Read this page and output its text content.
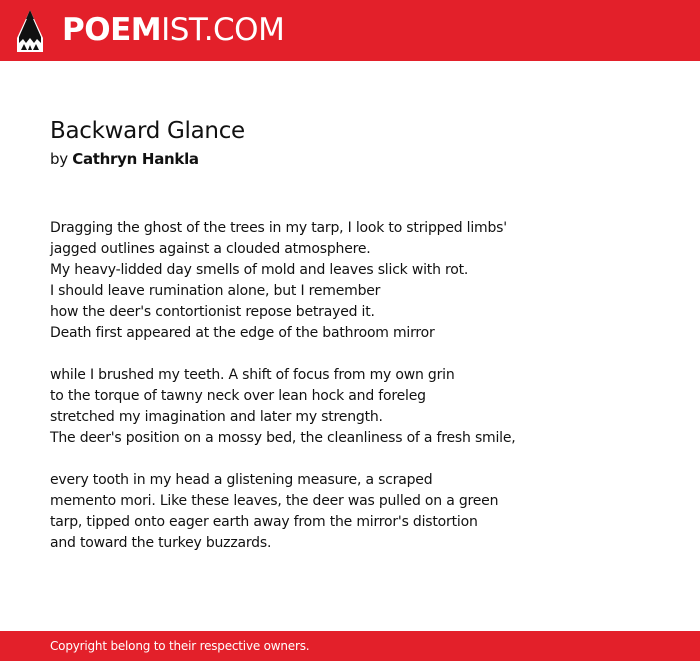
POEMIST.COM
Backward Glance
by Cathryn Hankla
Dragging the ghost of the trees in my tarp, I look to stripped limbs'
jagged outlines against a clouded atmosphere.
My heavy-lidded day smells of mold and leaves slick with rot.
I should leave rumination alone, but I remember
how the deer's contortionist repose betrayed it.
Death first appeared at the edge of the bathroom mirror
while I brushed my teeth. A shift of focus from my own grin
to the torque of tawny neck over lean hock and foreleg
stretched my imagination and later my strength.
The deer's position on a mossy bed, the cleanliness of a fresh smile,
every tooth in my head a glistening measure, a scraped
memento mori. Like these leaves, the deer was pulled on a green
tarp, tipped onto eager earth away from the mirror's distortion
and toward the turkey buzzards.
Copyright belong to their respective owners.
